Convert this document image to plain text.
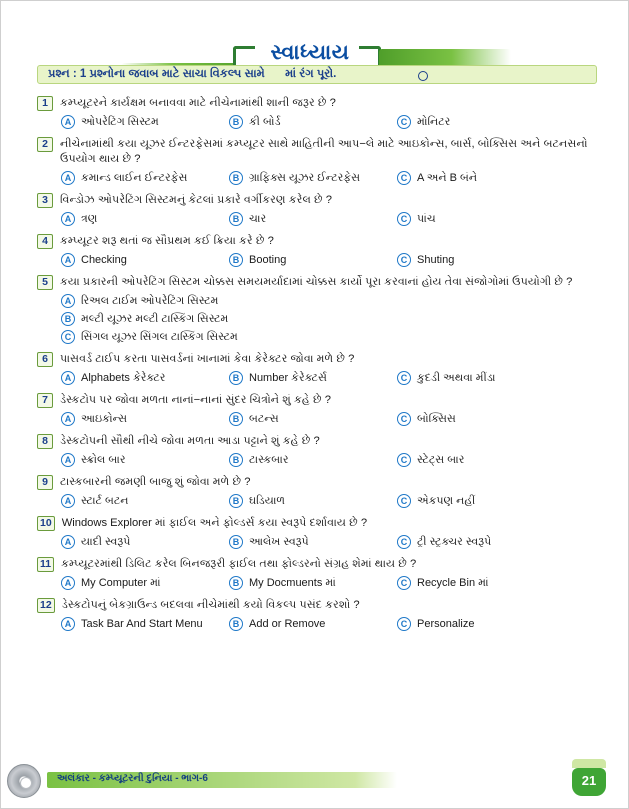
સ્વાધ્યાય
પ્રશ્ન : 1 પ્રશ્નોના જવાબ માટે સાચા વિકલ્પ સામે માં રંગ પૂરો.
1	કમ્પ્યૂટરને કાર્યક્ષમ બનાવવા માટે નીચેનામાંથી શાની જરૂર છે ?
A ઓપરેટિંગ સિસ્ટમ	B કી બોર્ડ	C મોનિટર
2	નીચેનામાંથી કયા યૂઝર ઈન્ટરફેસમાં કમ્પ્યૂટર સાથે માહિતીની આપ−લે માટે આઇકોન્સ, બાર્સ, બોક્સિસ અને બટનસનો ઉપયોગ થાય છે ?
A કમાન્ડ લાઈન ઈન્ટરફેસ	B ગ્રાફિક્સ યૂઝર ઈન્ટરફેસ	C A અને B બંને
3	વિન્ડોઝ ઓપરેટિંગ સિસ્ટમનું કેટલાં પ્રકારે વર્ગીકરણ કરેલ છે ?
A ત્રણ	B ચાર	C પાંચ
4	કમ્પ્યૂટર શરૂ થતાં જ સૌપ્રથમ કઈ ક્રિયા કરે છે ?
A Checking	B Booting	C Shuting
5	કયા પ્રકારની ઓપરેટિંગ સિસ્ટમ ચોક્કસ સમયમર્યાદામાં ચોક્કસ કાર્યો પૂરા કરવાનાં હોય તેવા સંજોગોમાં ઉપયોગી છે ?
A રિઅલ ટાઈમ ઓપરેટિંગ સિસ્ટમ
B મલ્ટી યૂઝર મલ્ટી ટાસ્કિંગ સિસ્ટમ
C સિંગલ યૂઝર સિંગલ ટાસ્કિંગ સિસ્ટમ
6	પાસવર્ડ ટાઈપ કરતા પાસવર્ડનાં ખાનામાં કેવા કેરેક્ટર જોવા મળે છે ?
A Alphabets કેરેક્ટર	B Number કેરેક્ટર્સ	C કુદડી અથવા મીંડા
7	ડેસ્કટોપ પર જોવા મળતા નાનાં−નાનાં સુંદર ચિત્રોને શું કહે છે ?
A આઇકોન્સ	B બટન્સ	C બોક્સિસ
8	ડેસ્કટોપની સૌથી નીચે જોવા મળતા આડા પટ્ટાને શું કહે છે ?
A સ્ક્રોલ બાર	B ટાસ્કબાર	C સ્ટેટ્સ બાર
9	ટાસ્કબારની જમણી બાજુ શું જોવા મળે છે ?
A સ્ટાર્ટ બટન	B ઘડિયાળ	C એકપણ નહીં
10 Windows Explorer માં ફાઈલ અને ફોલ્ડર્સ કયા સ્વરૂપે દર્શાવાય છે ?
A યાદી સ્વરૂપે	B આલેખ સ્વરૂપે	C ટ્રી સ્ટ્રક્ચર સ્વરૂપે
11 કમ્પ્યૂટરમાંથી ડિલિટ કરેલ બિનજરૂરી ફાઈલ તથા ફોલ્ડરનો સંગ્રહ શેમાં થાય છે ?
A My Computer માં	B My Docmuents માં	C Recycle Bin માં
12 ડેસ્કટોપનું બેકગ્રાઉન્ડ બદલવા નીચેમાંથી કયો વિકલ્પ પસંદ કરશો ?
A Task Bar And Start Menu	B Add or Remove	C Personalize
અલંકાર - કમ્પ્યૂટરની દુનિયા - ભાગ-6	21
